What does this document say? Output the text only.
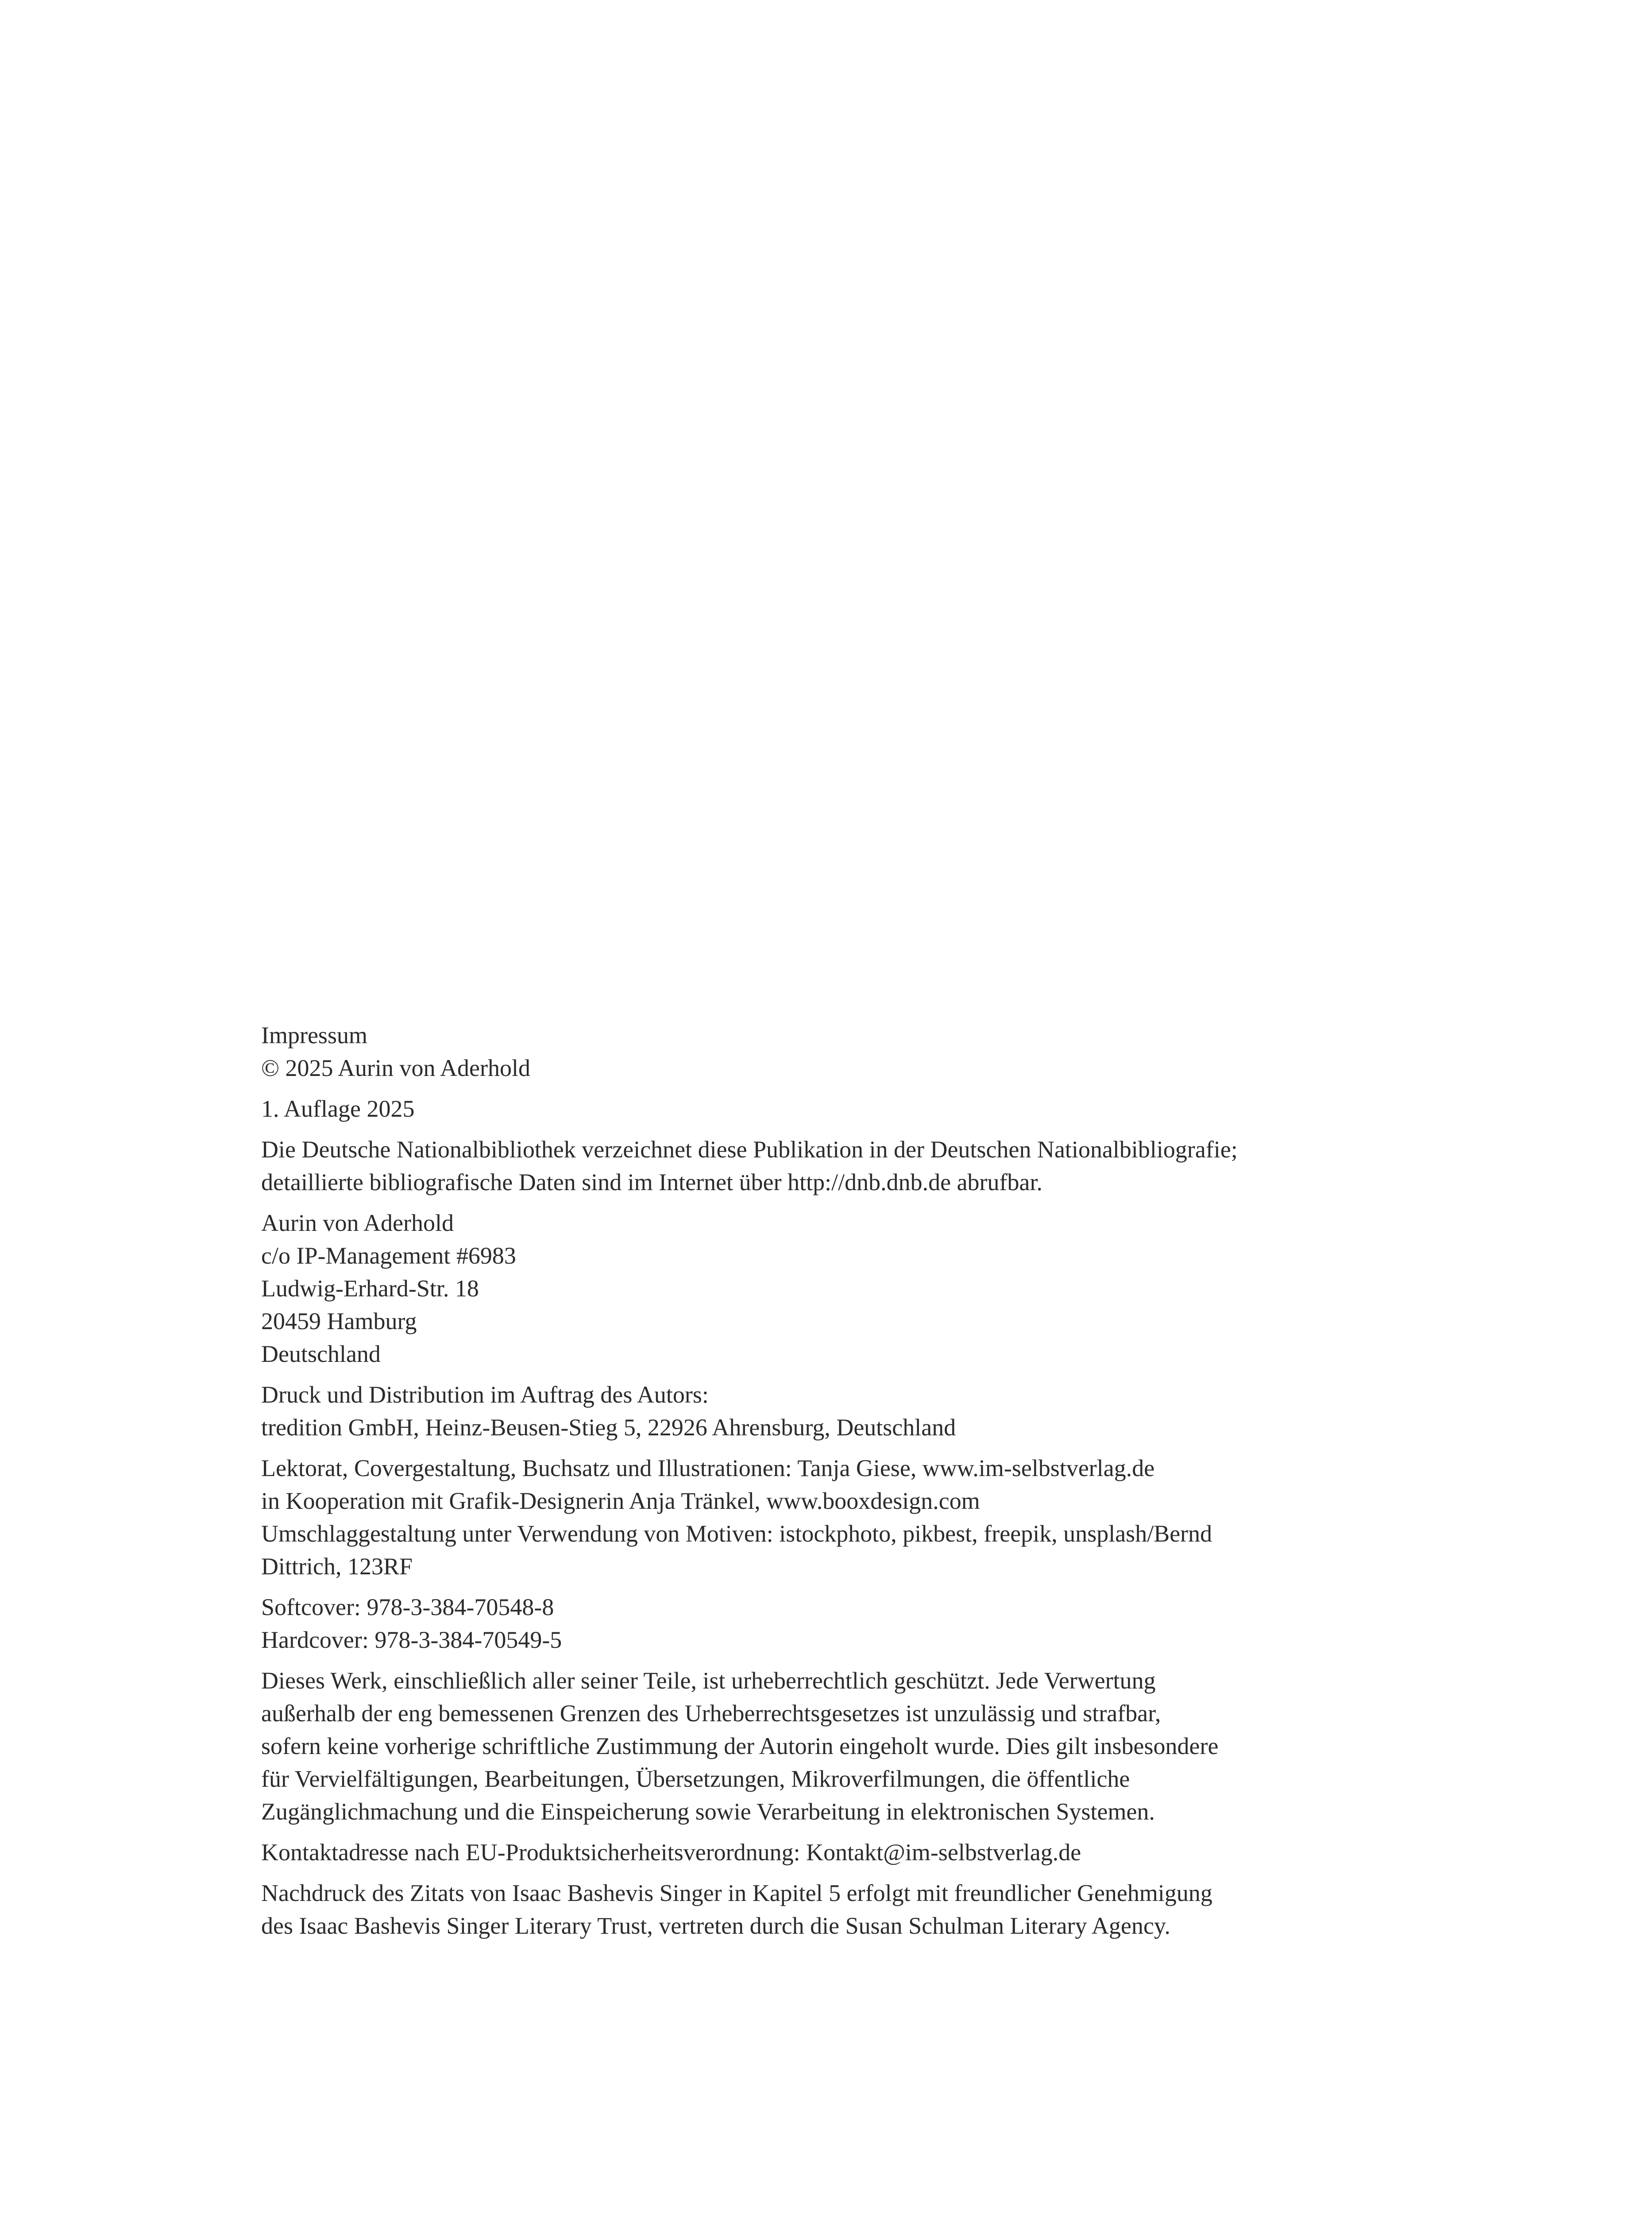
Impressum
© 2025 Aurin von Aderhold
1. Auflage 2025
Die Deutsche Nationalbibliothek verzeichnet diese Publikation in der Deutschen Nationalbibliografie;
detaillierte bibliografische Daten sind im Internet über http://dnb.dnb.de abrufbar.
Aurin von Aderhold
c/o IP-Management #6983
Ludwig-Erhard-Str. 18
20459 Hamburg
Deutschland
Druck und Distribution im Auftrag des Autors:
tredition GmbH, Heinz-Beusen-Stieg 5, 22926 Ahrensburg, Deutschland
Lektorat, Covergestaltung, Buchsatz und Illustrationen: Tanja Giese, www.im-selbstverlag.de
in Kooperation mit Grafik-Designerin Anja Tränkel, www.booxdesign.com
Umschlaggestaltung unter Verwendung von Motiven: istockphoto, pikbest, freepik, unsplash/Bernd
Dittrich, 123RF
Softcover: 978-3-384-70548-8
Hardcover: 978-3-384-70549-5
Dieses Werk, einschließlich aller seiner Teile, ist urheberrechtlich geschützt. Jede Verwertung
außerhalb der eng bemessenen Grenzen des Urheberrechtsgesetzes ist unzulässig und strafbar,
sofern keine vorherige schriftliche Zustimmung der Autorin eingeholt wurde. Dies gilt insbesondere
für Vervielfältigungen, Bearbeitungen, Übersetzungen, Mikroverfilmungen, die öffentliche
Zugänglichmachung und die Einspeicherung sowie Verarbeitung in elektronischen Systemen.
Kontaktadresse nach EU-Produktsicherheitsverordnung: Kontakt@im-selbstverlag.de
Nachdruck des Zitats von Isaac Bashevis Singer in Kapitel 5 erfolgt mit freundlicher Genehmigung
des Isaac Bashevis Singer Literary Trust, vertreten durch die Susan Schulman Literary Agency.
